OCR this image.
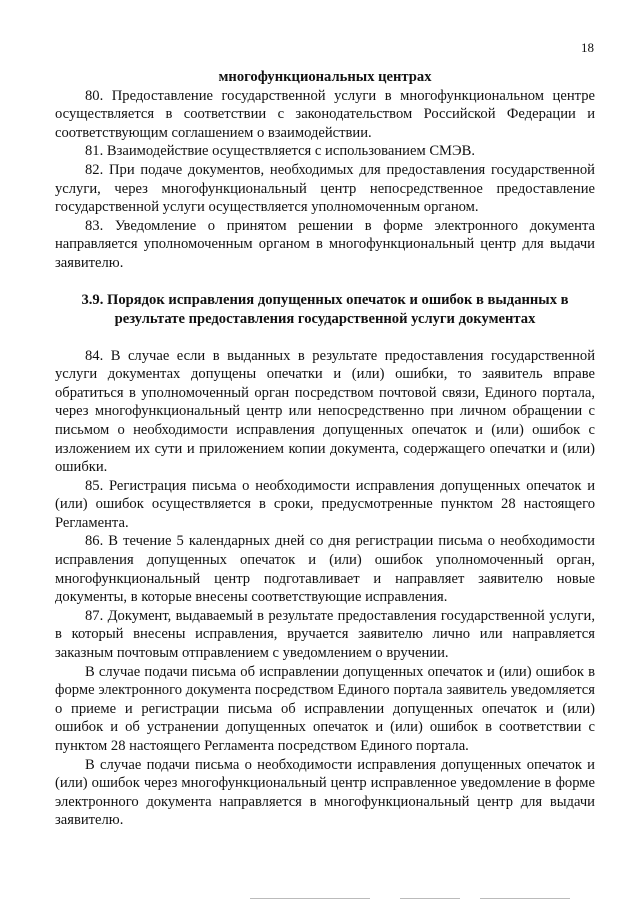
18
многофункциональных центрах

80. Предоставление государственной услуги в многофункциональном центре осуществляется в соответствии с законодательством Российской Федерации и соответствующим соглашением о взаимодействии.

81. Взаимодействие осуществляется с использованием СМЭВ.

82. При подаче документов, необходимых для предоставления государственной услуги, через многофункциональный центр непосредственное предоставление государственной услуги осуществляется уполномоченным органом.

83. Уведомление о принятом решении в форме электронного документа направляется уполномоченным органом в многофункциональный центр для выдачи заявителю.

3.9. Порядок исправления допущенных опечаток и ошибок в выданных в результате предоставления государственной услуги документах

84. В случае если в выданных в результате предоставления государственной услуги документах допущены опечатки и (или) ошибки, то заявитель вправе обратиться в уполномоченный орган посредством почтовой связи, Единого портала, через многофункциональный центр или непосредственно при личном обращении с письмом о необходимости исправления допущенных опечаток и (или) ошибок с изложением их сути и приложением копии документа, содержащего опечатки и (или) ошибки.

85. Регистрация письма о необходимости исправления допущенных опечаток и (или) ошибок осуществляется в сроки, предусмотренные пунктом 28 настоящего Регламента.

86. В течение 5 календарных дней со дня регистрации письма о необходимости исправления допущенных опечаток и (или) ошибок уполномоченный орган, многофункциональный центр подготавливает и направляет заявителю новые документы, в которые внесены соответствующие исправления.

87. Документ, выдаваемый в результате предоставления государственной услуги, в который внесены исправления, вручается заявителю лично или направляется заказным почтовым отправлением с уведомлением о вручении.

В случае подачи письма об исправлении допущенных опечаток и (или) ошибок в форме электронного документа посредством Единого портала заявитель уведомляется о приеме и регистрации письма об исправлении допущенных опечаток и (или) ошибок и об устранении допущенных опечаток и (или) ошибок в соответствии с пунктом 28 настоящего Регламента посредством Единого портала.

В случае подачи письма о необходимости исправления допущенных опечаток и (или) ошибок через многофункциональный центр исправленное уведомление в форме электронного документа направляется в многофункциональный центр для выдачи заявителю.
